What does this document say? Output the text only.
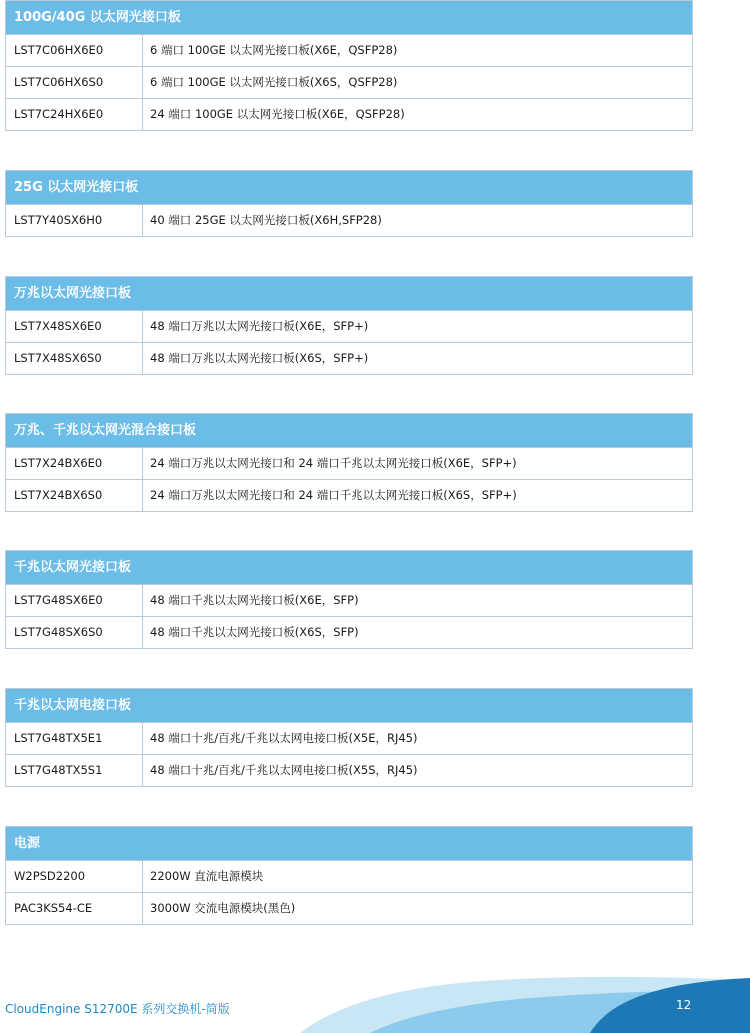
100G/40G 以太网光接口板
LST7C06HX6E0	6 端口 100GE 以太网光接口板(X6E，QSFP28)
LST7C06HX6S0	6 端口 100GE 以太网光接口板(X6S，QSFP28)
LST7C24HX6E0	24 端口 100GE 以太网光接口板(X6E，QSFP28)
25G 以太网光接口板
LST7Y40SX6H0	40 端口 25GE 以太网光接口板(X6H,SFP28)
万兆以太网光接口板
LST7X48SX6E0	48 端口万兆以太网光接口板(X6E，SFP+)
LST7X48SX6S0	48 端口万兆以太网光接口板(X6S，SFP+)
万兆、千兆以太网光混合接口板
LST7X24BX6E0	24 端口万兆以太网光接口和 24 端口千兆以太网光接口板(X6E，SFP+)
LST7X24BX6S0	24 端口万兆以太网光接口和 24 端口千兆以太网光接口板(X6S，SFP+)
千兆以太网光接口板
LST7G48SX6E0	48 端口千兆以太网光接口板(X6E，SFP)
LST7G48SX6S0	48 端口千兆以太网光接口板(X6S，SFP)
千兆以太网电接口板
LST7G48TX5E1	48 端口十兆/百兆/千兆以太网电接口板(X5E，RJ45)
LST7G48TX5S1	48 端口十兆/百兆/千兆以太网电接口板(X5S，RJ45)
电源
W2PSD2200	2200W 直流电源模块
PAC3KS54-CE	3000W 交流电源模块(黑色)
CloudEngine S12700E 系列交换机-简版	12
